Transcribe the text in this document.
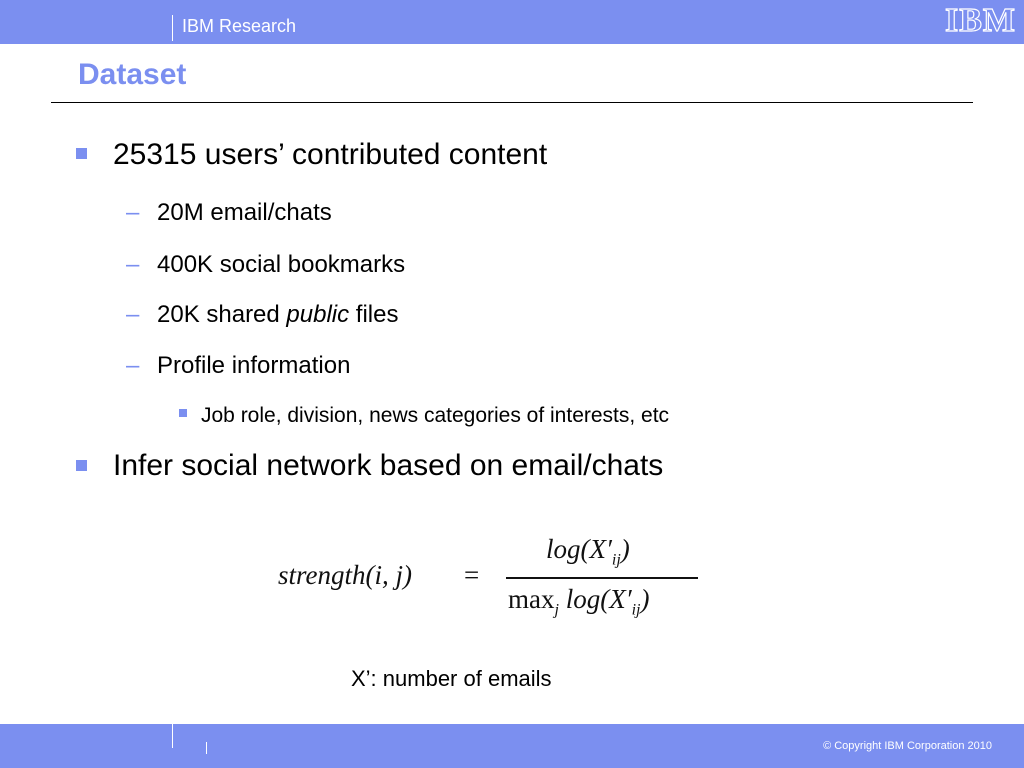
IBM Research	IBM
Dataset
25315 users’ contributed content
– 20M email/chats
– 400K social bookmarks
– 20K shared public files
– Profile information
Job role, division, news categories of interests, etc
Infer social network based on email/chats
strength(i, j) =
$\log(X'_{ij})$
$\max_j \log(X'_{ij})$
X’: number of emails
© Copyright IBM Corporation 2010
